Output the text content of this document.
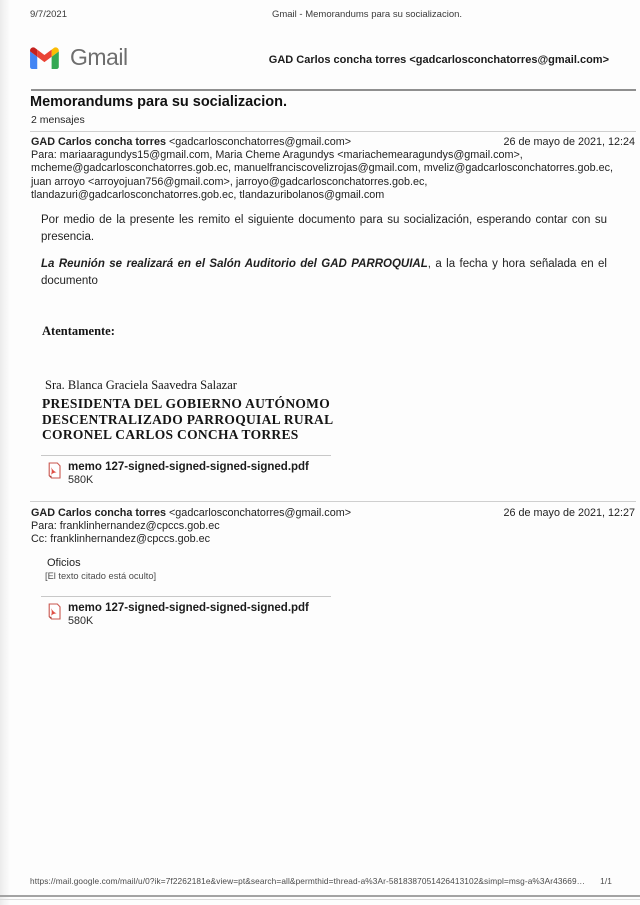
9/7/2021	Gmail - Memorandums para su socializacion.
Gmail	GAD Carlos concha torres <gadcarlosconchatorres@gmail.com>
Memorandums para su socializacion.
2 mensajes
GAD Carlos concha torres <gadcarlosconchatorres@gmail.com>	26 de mayo de 2021, 12:24
Para: mariaaragundys15@gmail.com, Maria Cheme Aragundys <mariachemearagundys@gmail.com>,
mcheme@gadcarlosconchatorres.gob.ec, manuelfranciscovelizrojas@gmail.com, mveliz@gadcarlosconchatorres.gob.ec,
juan arroyo <arroyojuan756@gmail.com>, jarroyo@gadcarlosconchatorres.gob.ec,
tlandazuri@gadcarlosconchatorres.gob.ec, tlandazuribolanos@gmail.com
Por medio de la presente les remito el siguiente documento para su socialización, esperando contar con su presencia.
La Reunión se realizará en el Salón Auditorio del GAD PARROQUIAL, a la fecha y hora señalada en el documento
Atentamente:
Sra. Blanca Graciela Saavedra Salazar
PRESIDENTA DEL GOBIERNO AUTÓNOMO
DESCENTRALIZADO PARROQUIAL RURAL
CORONEL CARLOS CONCHA TORRES
memo 127-signed-signed-signed-signed.pdf
580K
GAD Carlos concha torres <gadcarlosconchatorres@gmail.com>	26 de mayo de 2021, 12:27
Para: franklinhernandez@cpccs.gob.ec
Cc: franklinhernandez@cpccs.gob.ec
Oficios
[El texto citado está oculto]
memo 127-signed-signed-signed-signed.pdf
580K
https://mail.google.com/mail/u/0?ik=7f2262181e&view=pt&search=all&permthid=thread-a%3Ar-5818387051426413102&simpl=msg-a%3Ar43669… 1/1
